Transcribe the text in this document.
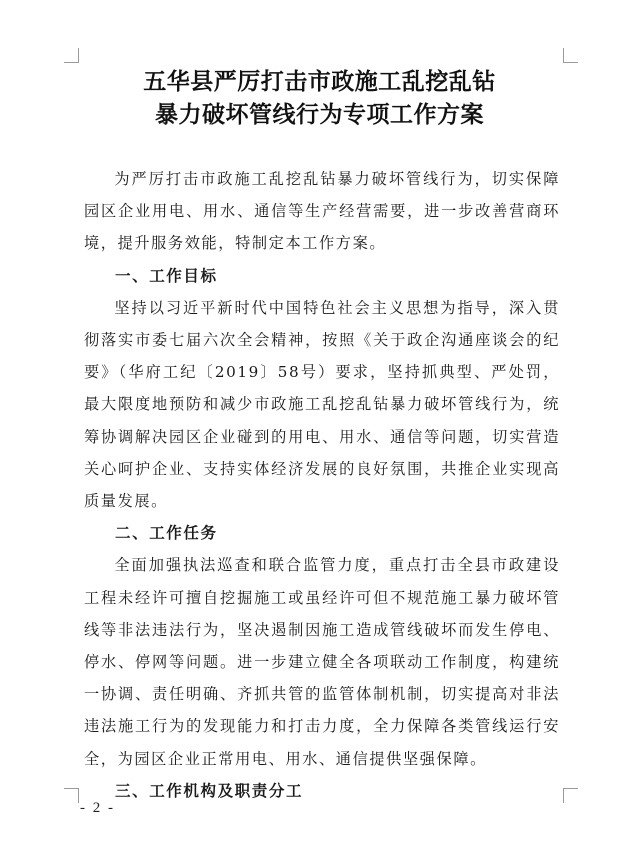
五华县严厉打击市政施工乱挖乱钻
暴力破坏管线行为专项工作方案

为严厉打击市政施工乱挖乱钻暴力破坏管线行为，切实保障园区企业用电、用水、通信等生产经营需要，进一步改善营商环境，提升服务效能，特制定本工作方案。

一、工作目标

坚持以习近平新时代中国特色社会主义思想为指导，深入贯彻落实市委七届六次全会精神，按照《关于政企沟通座谈会的纪要》（华府工纪〔2019〕58号）要求，坚持抓典型、严处罚，最大限度地预防和减少市政施工乱挖乱钻暴力破坏管线行为，统筹协调解决园区企业碰到的用电、用水、通信等问题，切实营造关心呵护企业、支持实体经济发展的良好氛围，共推企业实现高质量发展。

二、工作任务

全面加强执法巡查和联合监管力度，重点打击全县市政建设工程未经许可擅自挖掘施工或虽经许可但不规范施工暴力破坏管线等非法违法行为，坚决遏制因施工造成管线破坏而发生停电、停水、停网等问题。进一步建立健全各项联动工作制度，构建统一协调、责任明确、齐抓共管的监管体制机制，切实提高对非法违法施工行为的发现能力和打击力度，全力保障各类管线运行安全，为园区企业正常用电、用水、通信提供坚强保障。

三、工作机构及职责分工
- 2 -
